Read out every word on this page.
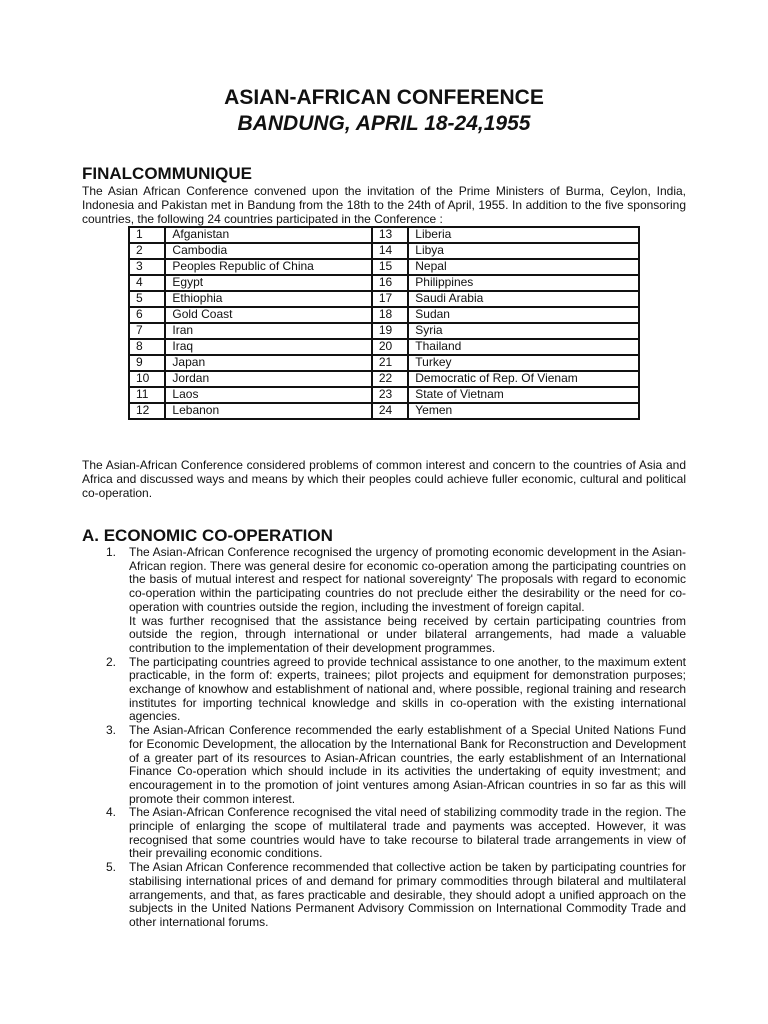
ASIAN-AFRICAN CONFERENCE
BANDUNG, APRIL 18-24,1955
FINALCOMMUNIQUE
The Asian African Conference convened upon the invitation of the Prime Ministers of Burma, Ceylon, India, Indonesia and Pakistan met in Bandung from the 18th to the 24th of April, 1955. In addition to the five sponsoring countries, the following 24 countries participated in the Conference :
1	Afganistan	13	Liberia
2	Cambodia	14	Libya
3	Peoples Republic of China	15	Nepal
4	Egypt	16	Philippines
5	Ethiophia	17	Saudi Arabia
6	Gold Coast	18	Sudan
7	Iran	19	Syria
8	Iraq	20	Thailand
9	Japan	21	Turkey
10	Jordan	22	Democratic of Rep. Of Vienam
11	Laos	23	State of Vietnam
12	Lebanon	24	Yemen
The Asian-African Conference considered problems of common interest and concern to the countries of Asia and Africa and discussed ways and means by which their peoples could achieve fuller economic, cultural and political co-operation.
A. ECONOMIC CO-OPERATION
1. The Asian-African Conference recognised the urgency of promoting economic development in the Asian-African region. There was general desire for economic co-operation among the participating countries on the basis of mutual interest and respect for national sovereignty' The proposals with regard to economic co-operation within the participating countries do not preclude either the desirability or the need for co-operation with countries outside the region, including the investment of foreign capital.
It was further recognised that the assistance being received by certain participating countries from outside the region, through international or under bilateral arrangements, had made a valuable contribution to the implementation of their development programmes.
2. The participating countries agreed to provide technical assistance to one another, to the maximum extent practicable, in the form of: experts, trainees; pilot projects and equipment for demonstration purposes; exchange of knowhow and establishment of national and, where possible, regional training and research institutes for importing technical knowledge and skills in co-operation with the existing international agencies.
3. The Asian-African Conference recommended the early establishment of a Special United Nations Fund for Economic Development, the allocation by the International Bank for Reconstruction and Development of a greater part of its resources to Asian-African countries, the early establishment of an International Finance Co-operation which should include in its activities the undertaking of equity investment; and encouragement in to the promotion of joint ventures among Asian-African countries in so far as this will promote their common interest.
4. The Asian-African Conference recognised the vital need of stabilizing commodity trade in the region. The principle of enlarging the scope of multilateral trade and payments was accepted. However, it was recognised that some countries would have to take recourse to bilateral trade arrangements in view of their prevailing economic conditions.
5. The Asian African Conference recommended that collective action be taken by participating countries for stabilising international prices of and demand for primary commodities through bilateral and multilateral arrangements, and that, as fares practicable and desirable, they should adopt a unified approach on the subjects in the United Nations Permanent Advisory Commission on International Commodity Trade and other international forums.
